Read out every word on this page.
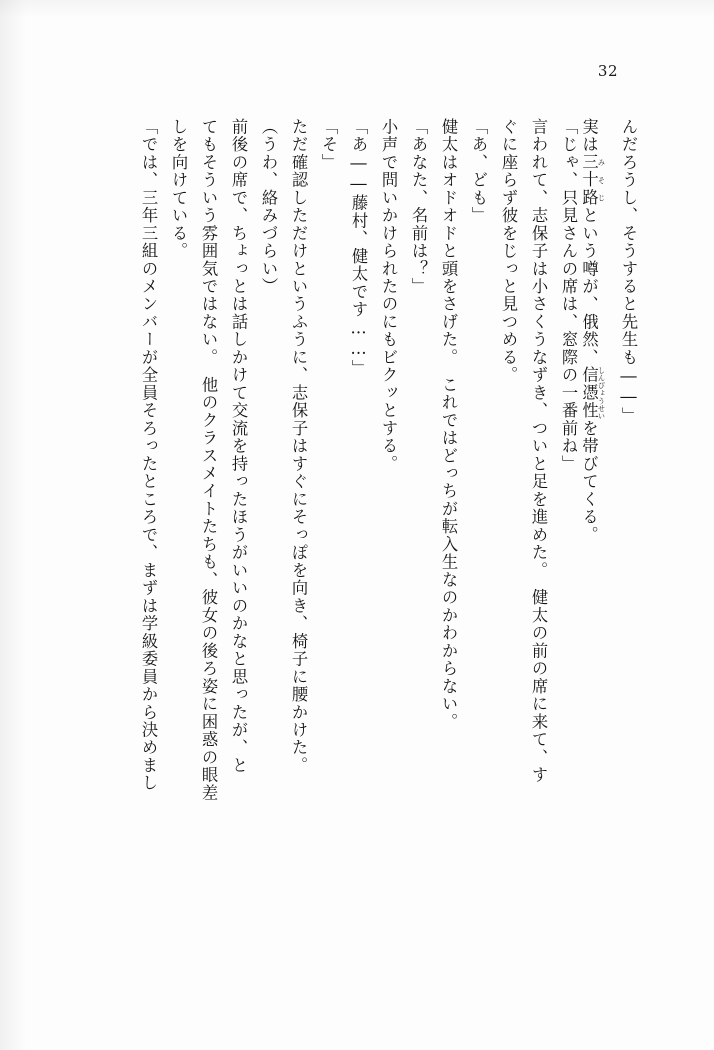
32
んだろうし、そうすると先生も――」
実は三十路 みそじという噂が、俄然、信憑性 しんぴょうせいを帯びてくる。
「じゃ、只見さんの席は、窓際の一番前ね」
言われて、志保子は小さくうなずき、ついと足を進めた。　健太の前の席に来て、す
ぐに座らず彼をじっと見つめる。
「あ、ども」
健太はオドオドと頭をさげた。　これではどっちが転入生なのかわからない。
「あなた、名前は？」
小声で問いかけられたのにもビクッとする。
「あ――藤村、健太です……」
「そ」
ただ確認しただけというふうに、志保子はすぐにそっぽを向き、椅子に腰かけた。
（うわ、絡みづらい）
前後の席で、ちょっとは話しかけて交流を持ったほうがいいのかなと思ったが、と
てもそういう雰囲気ではない。　他のクラスメイトたちも、彼女の後ろ姿に困惑の眼差
しを向けている。
「では、三年三組のメンバーが全員そろったところで、まずは学級委員から決めまし
